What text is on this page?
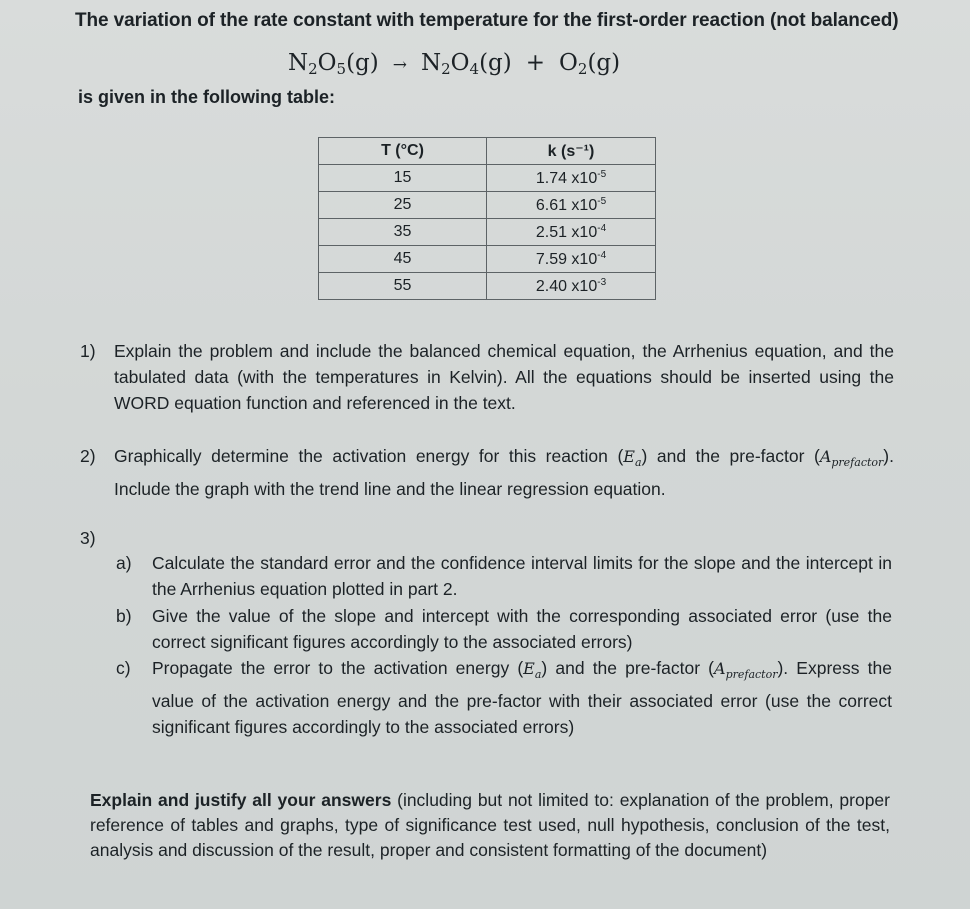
The variation of the rate constant with temperature for the first-order reaction (not balanced)
$N_2O_5(g) \to N_2O_4(g) + O_2(g)$
is given in the following table:
T (°C)	k (s⁻¹)
15	1.74 $x10^{-5}$
25	6.61 $x10^{-5}$
35	2.51 $x10^{-4}$
45	7.59 $x10^{-4}$
55	2.40 $x10^{-3}$
1) Explain the problem and include the balanced chemical equation, the Arrhenius equation, and the tabulated data (with the temperatures in Kelvin). All the equations should be inserted using the WORD equation function and referenced in the text.
2) Graphically determine the activation energy for this reaction $(E_a)$ and the pre-factor $(A_{prefactor})$. Include the graph with the trend line and the linear regression equation.
3)
a) Calculate the standard error and the confidence interval limits for the slope and the intercept in the Arrhenius equation plotted in part 2.
b) Give the value of the slope and intercept with the corresponding associated error (use the correct significant figures accordingly to the associated errors)
c) Propagate the error to the activation energy $(E_a)$ and the pre-factor $(A_{prefactor})$. Express the value of the activation energy and the pre-factor with their associated error (use the correct significant figures accordingly to the associated errors)
Explain and justify all your answers (including but not limited to: explanation of the problem, proper reference of tables and graphs, type of significance test used, null hypothesis, conclusion of the test, analysis and discussion of the result, proper and consistent formatting of the document)
